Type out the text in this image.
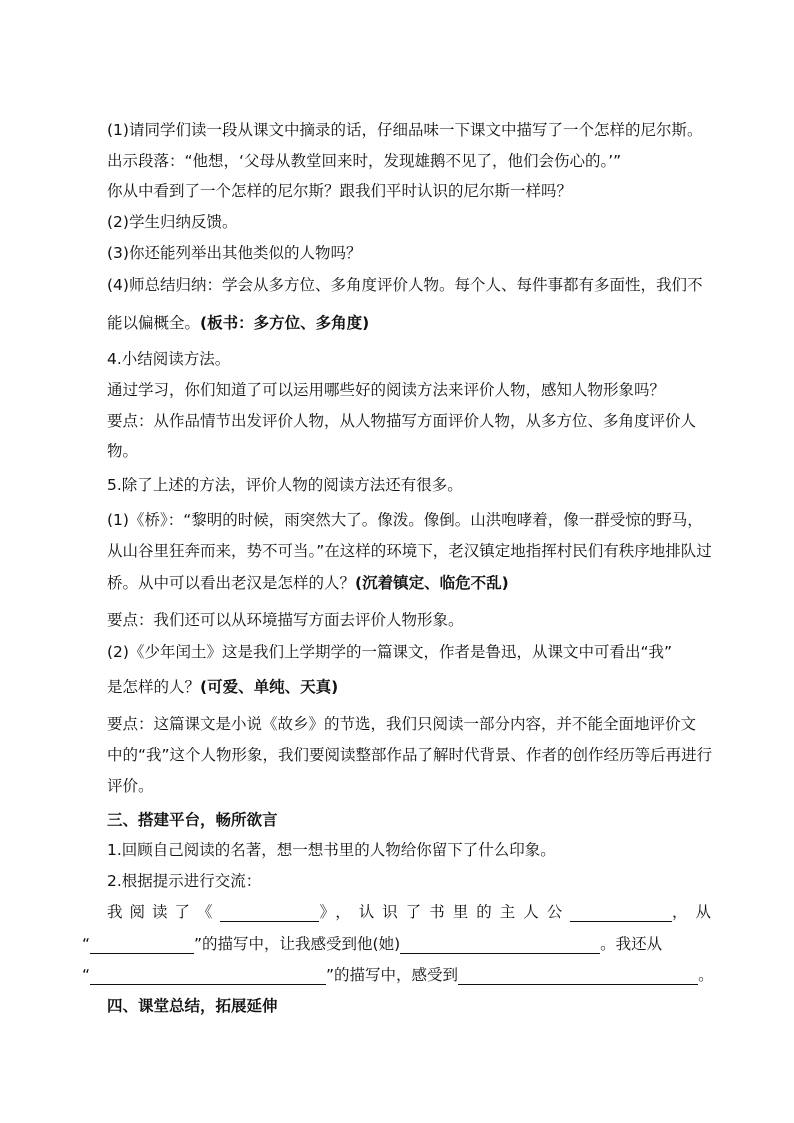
(1)请同学们读一段从课文中摘录的话，仔细品味一下课文中描写了一个怎样的尼尔斯。
出示段落：“他想，‘父母从教堂回来时，发现雄鹅不见了，他们会伤心的。’”
你从中看到了一个怎样的尼尔斯？跟我们平时认识的尼尔斯一样吗？
(2)学生归纳反馈。
(3)你还能列举出其他类似的人物吗？
(4)师总结归纳：学会从多方位、多角度评价人物。每个人、每件事都有多面性，我们不
能以偏概全。(板书：多方位、多角度)
4.小结阅读方法。
通过学习，你们知道了可以运用哪些好的阅读方法来评价人物，感知人物形象吗？
要点：从作品情节出发评价人物，从人物描写方面评价人物，从多方位、多角度评价人
物。
5.除了上述的方法，评价人物的阅读方法还有很多。
(1)《桥》：“黎明的时候，雨突然大了。像泼。像倒。山洪咆哮着，像一群受惊的野马，
从山谷里狂奔而来，势不可当。”在这样的环境下，老汉镇定地指挥村民们有秩序地排队过
桥。从中可以看出老汉是怎样的人？(沉着镇定、临危不乱)
要点：我们还可以从环境描写方面去评价人物形象。
(2)《少年闰土》这是我们上学期学的一篇课文，作者是鲁迅，从课文中可看出“我”
是怎样的人？(可爱、单纯、天真)
要点：这篇课文是小说《故乡》的节选，我们只阅读一部分内容，并不能全面地评价文
中的“我”这个人物形象，我们要阅读整部作品了解时代背景、作者的创作经历等后再进行
评价。
三、搭建平台，畅所欲言
1.回顾自己阅读的名著，想一想书里的人物给你留下了什么印象。
2.根据提示进行交流：
我阅读了《	》，认识了书里的主人公	，从
“	”的描写中，让我感受到他(她)	。我还从
“	”的描写中，感受到	。
四、课堂总结，拓展延伸
